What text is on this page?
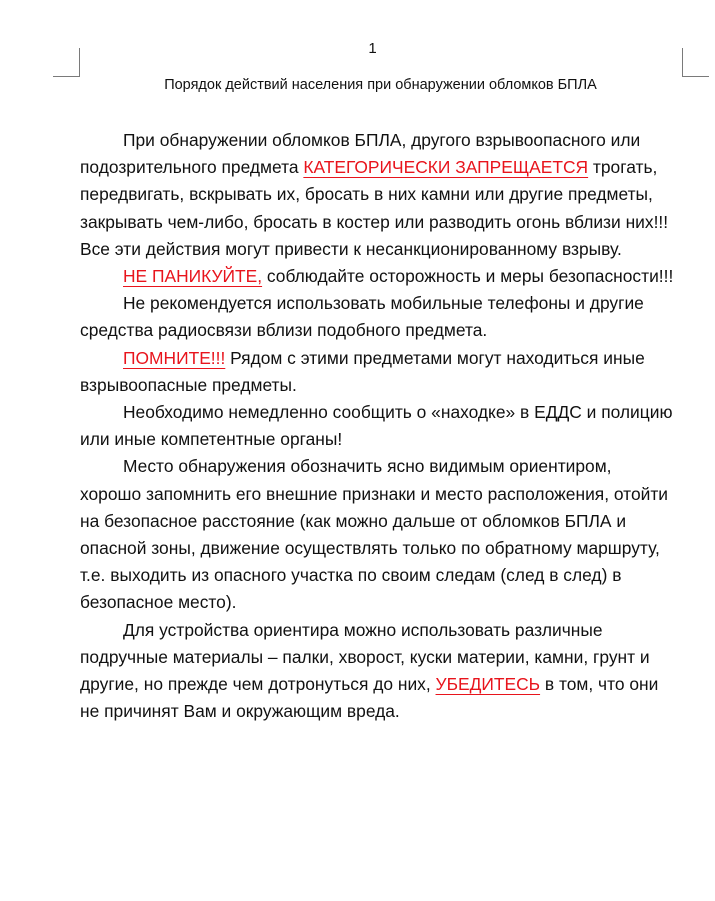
1
Порядок действий населения при обнаружении обломков БПЛА

При обнаружении обломков БПЛА, другого взрывоопасного или подозрительного предмета КАТЕГОРИЧЕСКИ ЗАПРЕЩАЕТСЯ трогать, передвигать, вскрывать их, бросать в них камни или другие предметы, закрывать чем-либо, бросать в костер или разводить огонь вблизи них!!! Все эти действия могут привести к несанкционированному взрыву.

НЕ ПАНИКУЙТЕ, соблюдайте осторожность и меры безопасности!!!

Не рекомендуется использовать мобильные телефоны и другие средства радиосвязи вблизи подобного предмета.

ПОМНИТЕ!!! Рядом с этими предметами могут находиться иные взрывоопасные предметы.

Необходимо немедленно сообщить о «находке» в ЕДДС и полицию или иные компетентные органы!

Место обнаружения обозначить ясно видимым ориентиром, хорошо запомнить его внешние признаки и место расположения, отойти на безопасное расстояние (как можно дальше от обломков БПЛА и опасной зоны, движение осуществлять только по обратному маршруту, т.е. выходить из опасного участка по своим следам (след в след) в безопасное место).

Для устройства ориентира можно использовать различные подручные материалы – палки, хворост, куски материи, камни, грунт и другие, но прежде чем дотронуться до них, УБЕДИТЕСЬ в том, что они не причинят Вам и окружающим вреда.
